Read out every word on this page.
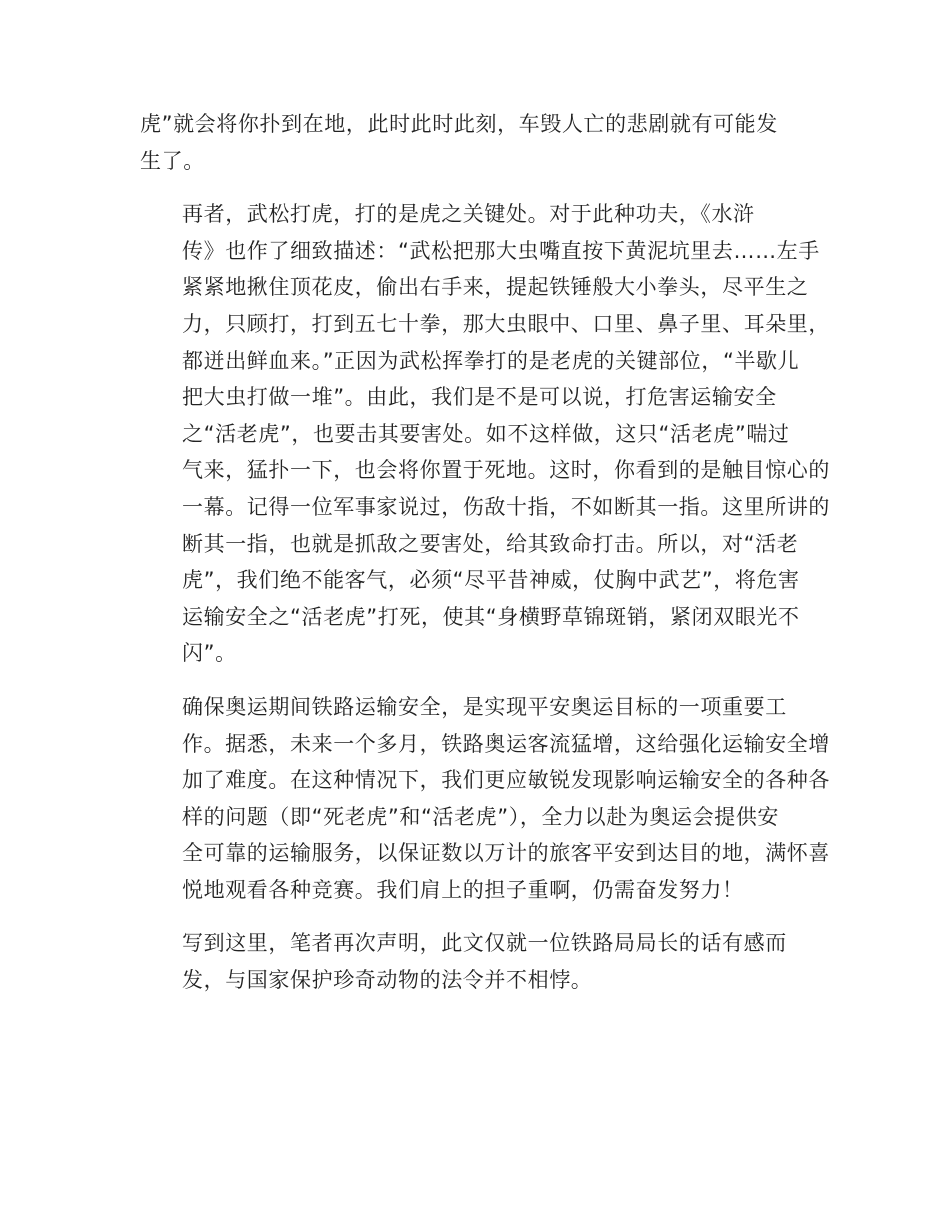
虎”就会将你扑到在地，此时此时此刻，车毁人亡的悲剧就有可能发
生了。

再者，武松打虎，打的是虎之关键处。对于此种功夫，《水浒
传》也作了细致描述：“武松把那大虫嘴直按下黄泥坑里去……左手
紧紧地揪住顶花皮，偷出右手来，提起铁锤般大小拳头，尽平生之
力，只顾打，打到五七十拳，那大虫眼中、口里、鼻子里、耳朵里，
都迸出鲜血来。”正因为武松挥拳打的是老虎的关键部位，“半歇儿
把大虫打做一堆”。由此，我们是不是可以说，打危害运输安全
之“活老虎”，也要击其要害处。如不这样做，这只“活老虎”喘过
气来，猛扑一下，也会将你置于死地。这时，你看到的是触目惊心的
一幕。记得一位军事家说过，伤敌十指，不如断其一指。这里所讲的
断其一指，也就是抓敌之要害处，给其致命打击。所以，对“活老
虎”，我们绝不能客气，必须“尽平昔神威，仗胸中武艺”，将危害
运输安全之“活老虎”打死，使其“身横野草锦斑销，紧闭双眼光不
闪”。

确保奥运期间铁路运输安全，是实现平安奥运目标的一项重要工
作。据悉，未来一个多月，铁路奥运客流猛增，这给强化运输安全增
加了难度。在这种情况下，我们更应敏锐发现影响运输安全的各种各
样的问题（即“死老虎”和“活老虎”），全力以赴为奥运会提供安
全可靠的运输服务，以保证数以万计的旅客平安到达目的地，满怀喜
悦地观看各种竞赛。我们肩上的担子重啊，仍需奋发努力！

写到这里，笔者再次声明，此文仅就一位铁路局局长的话有感而
发，与国家保护珍奇动物的法令并不相悖。
